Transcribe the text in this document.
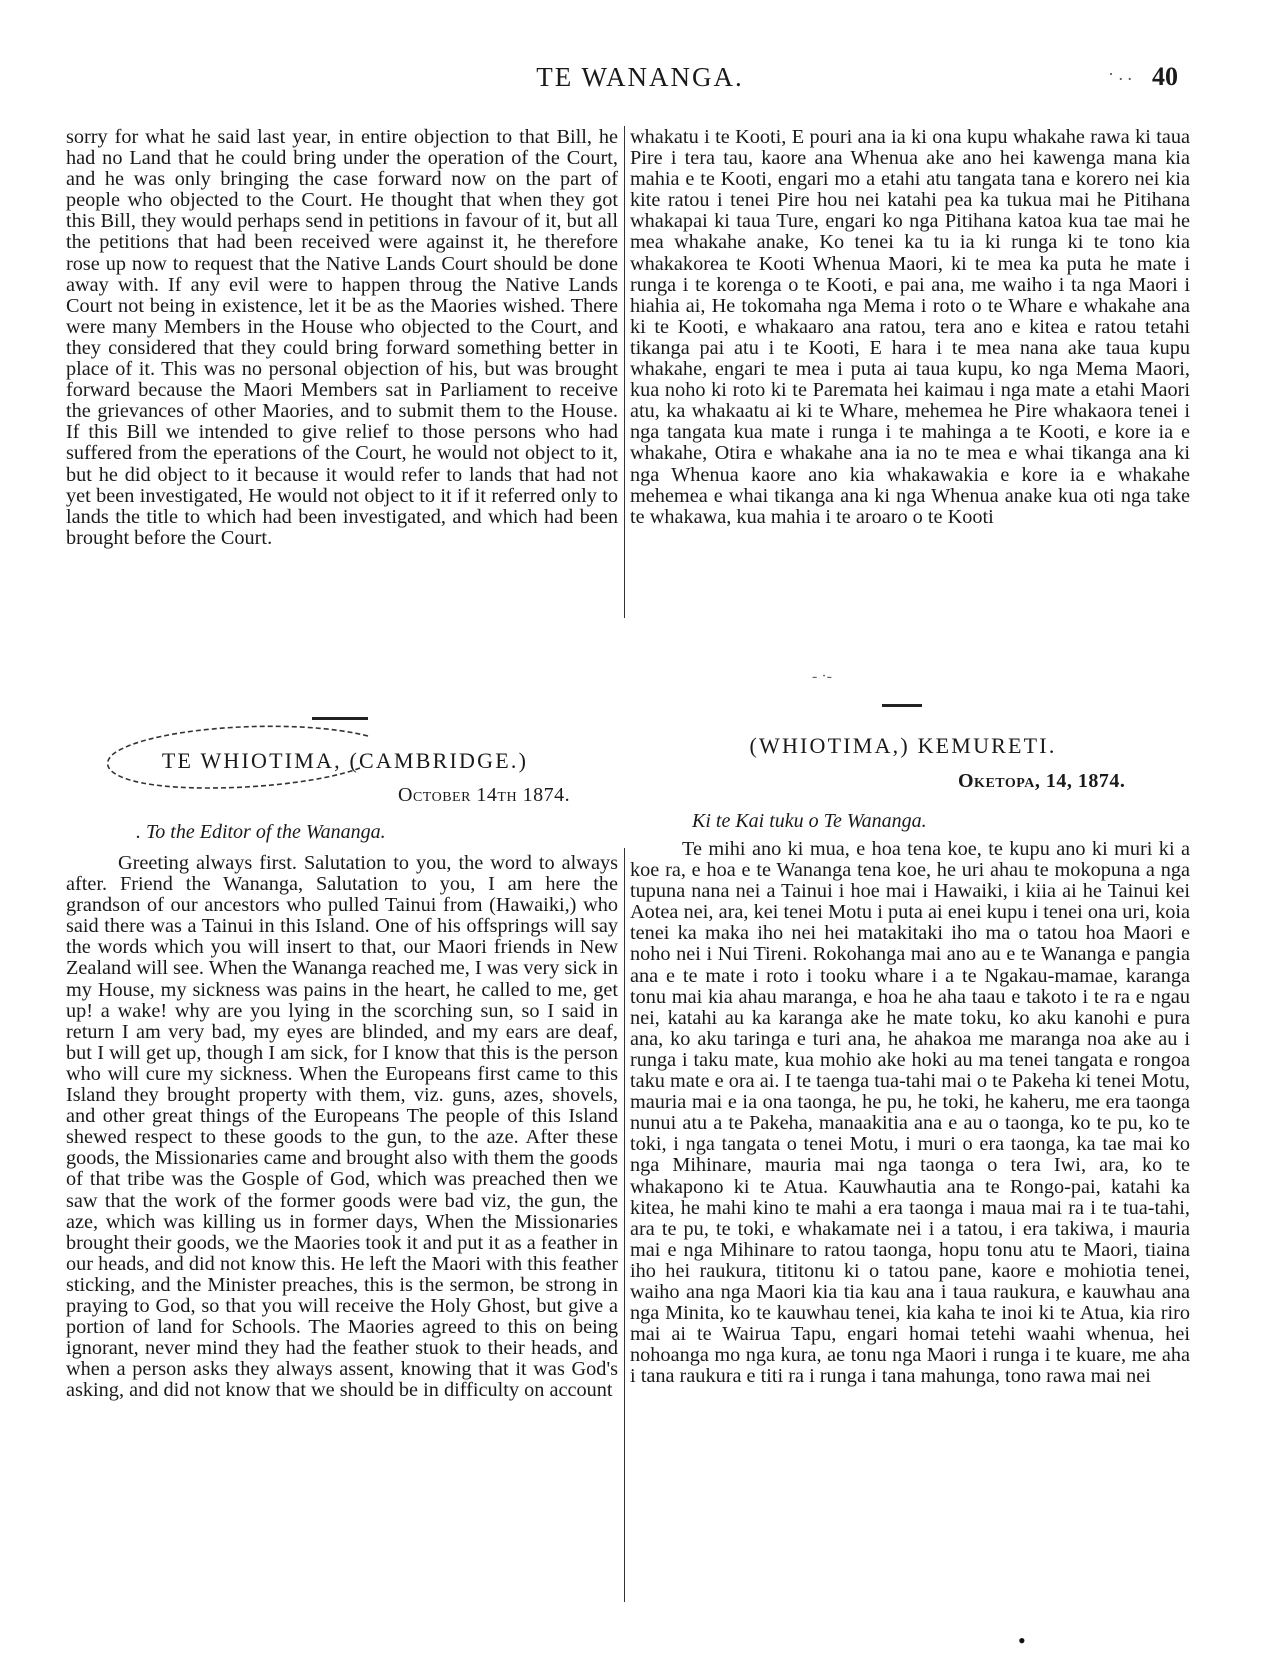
TE WANANGA.	· . . 40

sorry for what he said last year, in entire objection to that Bill, he had no Land that he could bring under the operation of the Court, and he was only bringing the case forward now on the part of people who objected to the Court. He thought that when they got this Bill, they would perhaps send in petitions in favour of it, but all the petitions that had been received were against it, he therefore rose up now to request that the Native Lands Court should be done away with. If any evil were to happen throug the Native Lands Court not being in existence, let it be as the Maories wished. There were many Members in the House who objected to the Court, and they considered that they could bring forward something better in place of it. This was no personal objection of his, but was brought forward because the Maori Members sat in Parliament to receive the grievances of other Maories, and to submit them to the House. If this Bill we intended to give relief to those persons who had suffered from the eperations of the Court, he would not object to it, but he did object to it because it would refer to lands that had not yet been investigated, He would not object to it if it referred only to lands the title to which had been investigated, and which had been brought before the Court.

whakatu i te Kooti, E pouri ana ia ki ona kupu whakahe rawa ki taua Pire i tera tau, kaore ana Whenua ake ano hei kawenga mana kia mahia e te Kooti, engari mo a etahi atu tangata tana e korero nei kia kite ratou i tenei Pire hou nei katahi pea ka tukua mai he Pitihana whakapai ki taua Ture, engari ko nga Pitihana katoa kua tae mai he mea whakahe anake, Ko tenei ka tu ia ki runga ki te tono kia whakakorea te Kooti Whenua Maori, ki te mea ka puta he mate i runga i te korenga o te Kooti, e pai ana, me waiho i ta nga Maori i hiahia ai, He tokomaha nga Mema i roto o te Whare e whakahe ana ki te Kooti, e whakaaro ana ratou, tera ano e kitea e ratou tetahi tikanga pai atu i te Kooti, E hara i te mea nana ake taua kupu whakahe, engari te mea i puta ai taua kupu, ko nga Mema Maori, kua noho ki roto ki te Paremata hei kaimau i nga mate a etahi Maori atu, ka whakaatu ai ki te Whare, mehemea he Pire whakaora tenei i nga tangata kua mate i runga i te mahinga a te Kooti, e kore ia e whakahe, Otira e whakahe ana ia no te mea e whai tikanga ana ki nga Whenua kaore ano kia whakawakia e kore ia e whakahe mehemea e whai tikanga ana ki nga Whenua anake kua oti nga take te whakawa, kua mahia i te aroaro o te Kooti

- ·-
TE WHIOTIMA, (CAMBRIDGE.)
October 14th 1874.
. To the Editor of the Wananga.
(WHIOTIMA,) KEMURETI.
Oketopa, 14, 1874.
Ki te Kai tuku o Te Wananga.

Greeting always first. Salutation to you, the word to always after. Friend the Wananga, Salutation to you, I am here the grandson of our ancestors who pulled Tainui from (Hawaiki,) who said there was a Tainui in this Island. One of his offsprings will say the words which you will insert to that, our Maori friends in New Zealand will see. When the Wananga reached me, I was very sick in my House, my sickness was pains in the heart, he called to me, get up! a wake! why are you lying in the scorching sun, so I said in return I am very bad, my eyes are blinded, and my ears are deaf, but I will get up, though I am sick, for I know that this is the person who will cure my sickness. When the Europeans first came to this Island they brought property with them, viz. guns, azes, shovels, and other great things of the Europeans The people of this Island shewed respect to these goods to the gun, to the aze. After these goods, the Missionaries came and brought also with them the goods of that tribe was the Gosple of God, which was preached then we saw that the work of the former goods were bad viz, the gun, the aze, which was killing us in former days, When the Missionaries brought their goods, we the Maories took it and put it as a feather in our heads, and did not know this. He left the Maori with this feather sticking, and the Minister preaches, this is the sermon, be strong in praying to God, so that you will receive the Holy Ghost, but give a portion of land for Schools. The Maories agreed to this on being ignorant, never mind they had the feather stuok to their heads, and when a person asks they always assent, knowing that it was God's asking, and did not know that we should be in difficulty on account

Te mihi ano ki mua, e hoa tena koe, te kupu ano ki muri ki a koe ra, e hoa e te Wananga tena koe, he uri ahau te mokopuna a nga tupuna nana nei a Tainui i hoe mai i Hawaiki, i kiia ai he Tainui kei Aotea nei, ara, kei tenei Motu i puta ai enei kupu i tenei ona uri, koia tenei ka maka iho nei hei matakitaki iho ma o tatou hoa Maori e noho nei i Nui Tireni. Rokohanga mai ano au e te Wananga e pangia ana e te mate i roto i tooku whare i a te Ngakau-mamae, karanga tonu mai kia ahau maranga, e hoa he aha taau e takoto i te ra e ngau nei, katahi au ka karanga ake he mate toku, ko aku kanohi e pura ana, ko aku taringa e turi ana, he ahakoa me maranga noa ake au i runga i taku mate, kua mohio ake hoki au ma tenei tangata e rongoa taku mate e ora ai. I te taenga tua-tahi mai o te Pakeha ki tenei Motu, mauria mai e ia ona taonga, he pu, he toki, he kaheru, me era taonga nunui atu a te Pakeha, manaakitia ana e au o taonga, ko te pu, ko te toki, i nga tangata o tenei Motu, i muri o era taonga, ka tae mai ko nga Mihinare, mauria mai nga taonga o tera Iwi, ara, ko te whakapono ki te Atua. Kauwhautia ana te Rongo-pai, katahi ka kitea, he mahi kino te mahi a era taonga i maua mai ra i te tua-tahi, ara te pu, te toki, e whakamate nei i a tatou, i era takiwa, i mauria mai e nga Mihinare to ratou taonga, hopu tonu atu te Maori, tiaina iho hei raukura, tititonu ki o tatou pane, kaore e mohiotia tenei, waiho ana nga Maori kia tia kau ana i taua raukura, e kauwhau ana nga Minita, ko te kauwhau tenei, kia kaha te inoi ki te Atua, kia riro mai ai te Wairua Tapu, engari homai tetehi waahi whenua, hei nohoanga mo nga kura, ae tonu nga Maori i runga i te kuare, me aha i tana raukura e titi ra i runga i tana mahunga, tono rawa mai nei

•
